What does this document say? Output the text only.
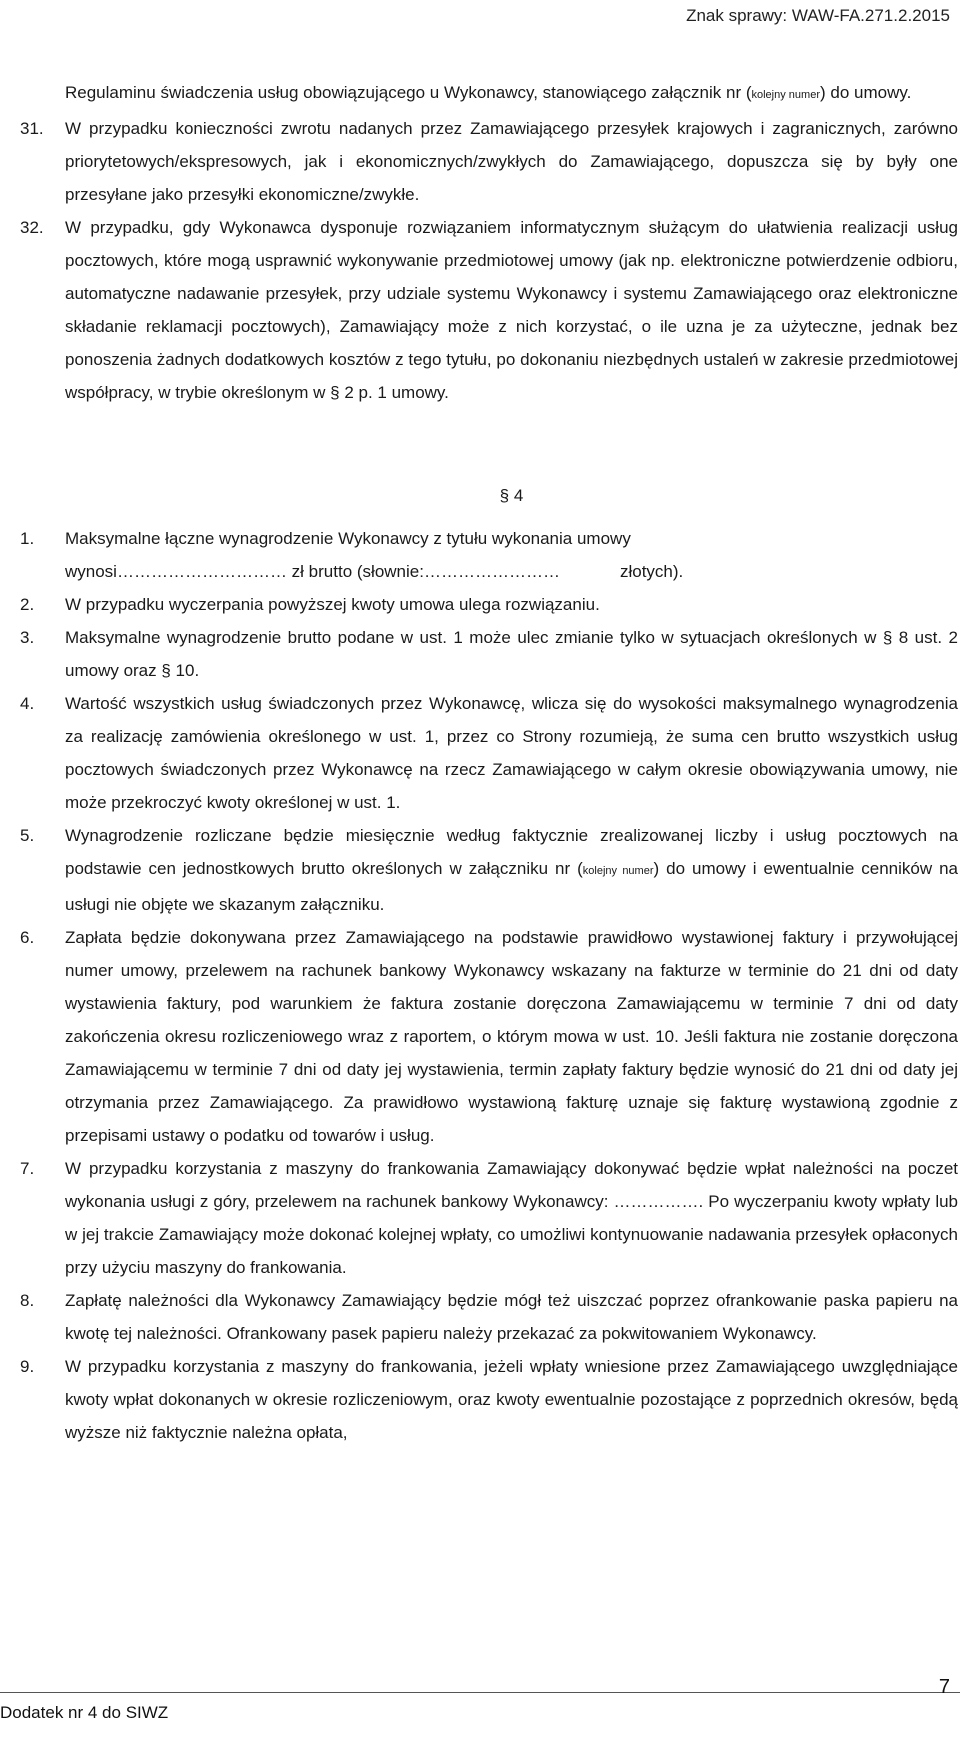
Znak sprawy: WAW-FA.271.2.2015
Regulaminu świadczenia usług obowiązującego u Wykonawcy, stanowiącego załącznik nr (kolejny numer) do umowy.
31.	W przypadku konieczności zwrotu nadanych przez Zamawiającego przesyłek krajowych i zagranicznych, zarówno priorytetowych/ekspresowych, jak i ekonomicznych/zwykłych do Zamawiającego, dopuszcza się by były one przesyłane jako przesyłki ekonomiczne/zwykłe.
32.	W przypadku, gdy Wykonawca dysponuje rozwiązaniem informatycznym służącym do ułatwienia realizacji usług pocztowych, które mogą usprawnić wykonywanie przedmiotowej umowy (jak np. elektroniczne potwierdzenie odbioru, automatyczne nadawanie przesyłek, przy udziale systemu Wykonawcy i systemu Zamawiającego oraz elektroniczne składanie reklamacji pocztowych), Zamawiający może z nich korzystać, o ile uzna je za użyteczne, jednak bez ponoszenia żadnych dodatkowych kosztów z tego tytułu, po dokonaniu niezbędnych ustaleń w zakresie przedmiotowej współpracy, w trybie określonym w § 2 p. 1 umowy.
§ 4
1.	Maksymalne łączne wynagrodzenie Wykonawcy z tytułu wykonania umowy
wynosi………………………… zł brutto (słownie:……………………	złotych).
2.	W przypadku wyczerpania powyższej kwoty umowa ulega rozwiązaniu.
3.	Maksymalne wynagrodzenie brutto podane w ust. 1 może ulec zmianie tylko w sytuacjach określonych w § 8 ust. 2 umowy oraz § 10.
4.	Wartość wszystkich usług świadczonych przez Wykonawcę, wlicza się do wysokości maksymalnego wynagrodzenia za realizację zamówienia określonego w ust. 1, przez co Strony rozumieją, że suma cen brutto wszystkich usług pocztowych świadczonych przez Wykonawcę na rzecz Zamawiającego w całym okresie obowiązywania umowy, nie może przekroczyć kwoty określonej w ust. 1.
5.	Wynagrodzenie rozliczane będzie miesięcznie według faktycznie zrealizowanej liczby i usług pocztowych na podstawie cen jednostkowych brutto określonych w załączniku nr (kolejny numer) do umowy i ewentualnie cenników na usługi nie objęte we skazanym załączniku.
6.	Zapłata będzie dokonywana przez Zamawiającego na podstawie prawidłowo wystawionej faktury i przywołującej numer umowy, przelewem na rachunek bankowy Wykonawcy wskazany na fakturze w terminie do 21 dni od daty wystawienia faktury, pod warunkiem że faktura zostanie doręczona Zamawiającemu w terminie 7 dni od daty zakończenia okresu rozliczeniowego wraz z raportem, o którym mowa w ust. 10. Jeśli faktura nie zostanie doręczona Zamawiającemu w terminie 7 dni od daty jej wystawienia, termin zapłaty faktury będzie wynosić do 21 dni od daty jej otrzymania przez Zamawiającego. Za prawidłowo wystawioną fakturę uznaje się fakturę wystawioną zgodnie z przepisami ustawy o podatku od towarów i usług.
7.	W przypadku korzystania z maszyny do frankowania Zamawiający dokonywać będzie wpłat należności na poczet wykonania usługi z góry, przelewem na rachunek bankowy Wykonawcy: ……………. Po wyczerpaniu kwoty wpłaty lub w jej trakcie Zamawiający może dokonać kolejnej wpłaty, co umożliwi kontynuowanie nadawania przesyłek opłaconych przy użyciu maszyny do frankowania.
8.	Zapłatę należności dla Wykonawcy Zamawiający będzie mógł też uiszczać poprzez ofrankowanie paska papieru na kwotę tej należności. Ofrankowany pasek papieru należy przekazać za pokwitowaniem Wykonawcy.
9.	W przypadku korzystania z maszyny do frankowania, jeżeli wpłaty wniesione przez Zamawiającego uwzględniające kwoty wpłat dokonanych w okresie rozliczeniowym, oraz kwoty ewentualnie pozostające z poprzednich okresów, będą wyższe niż faktycznie należna opłata,
7
Dodatek nr 4 do SIWZ
